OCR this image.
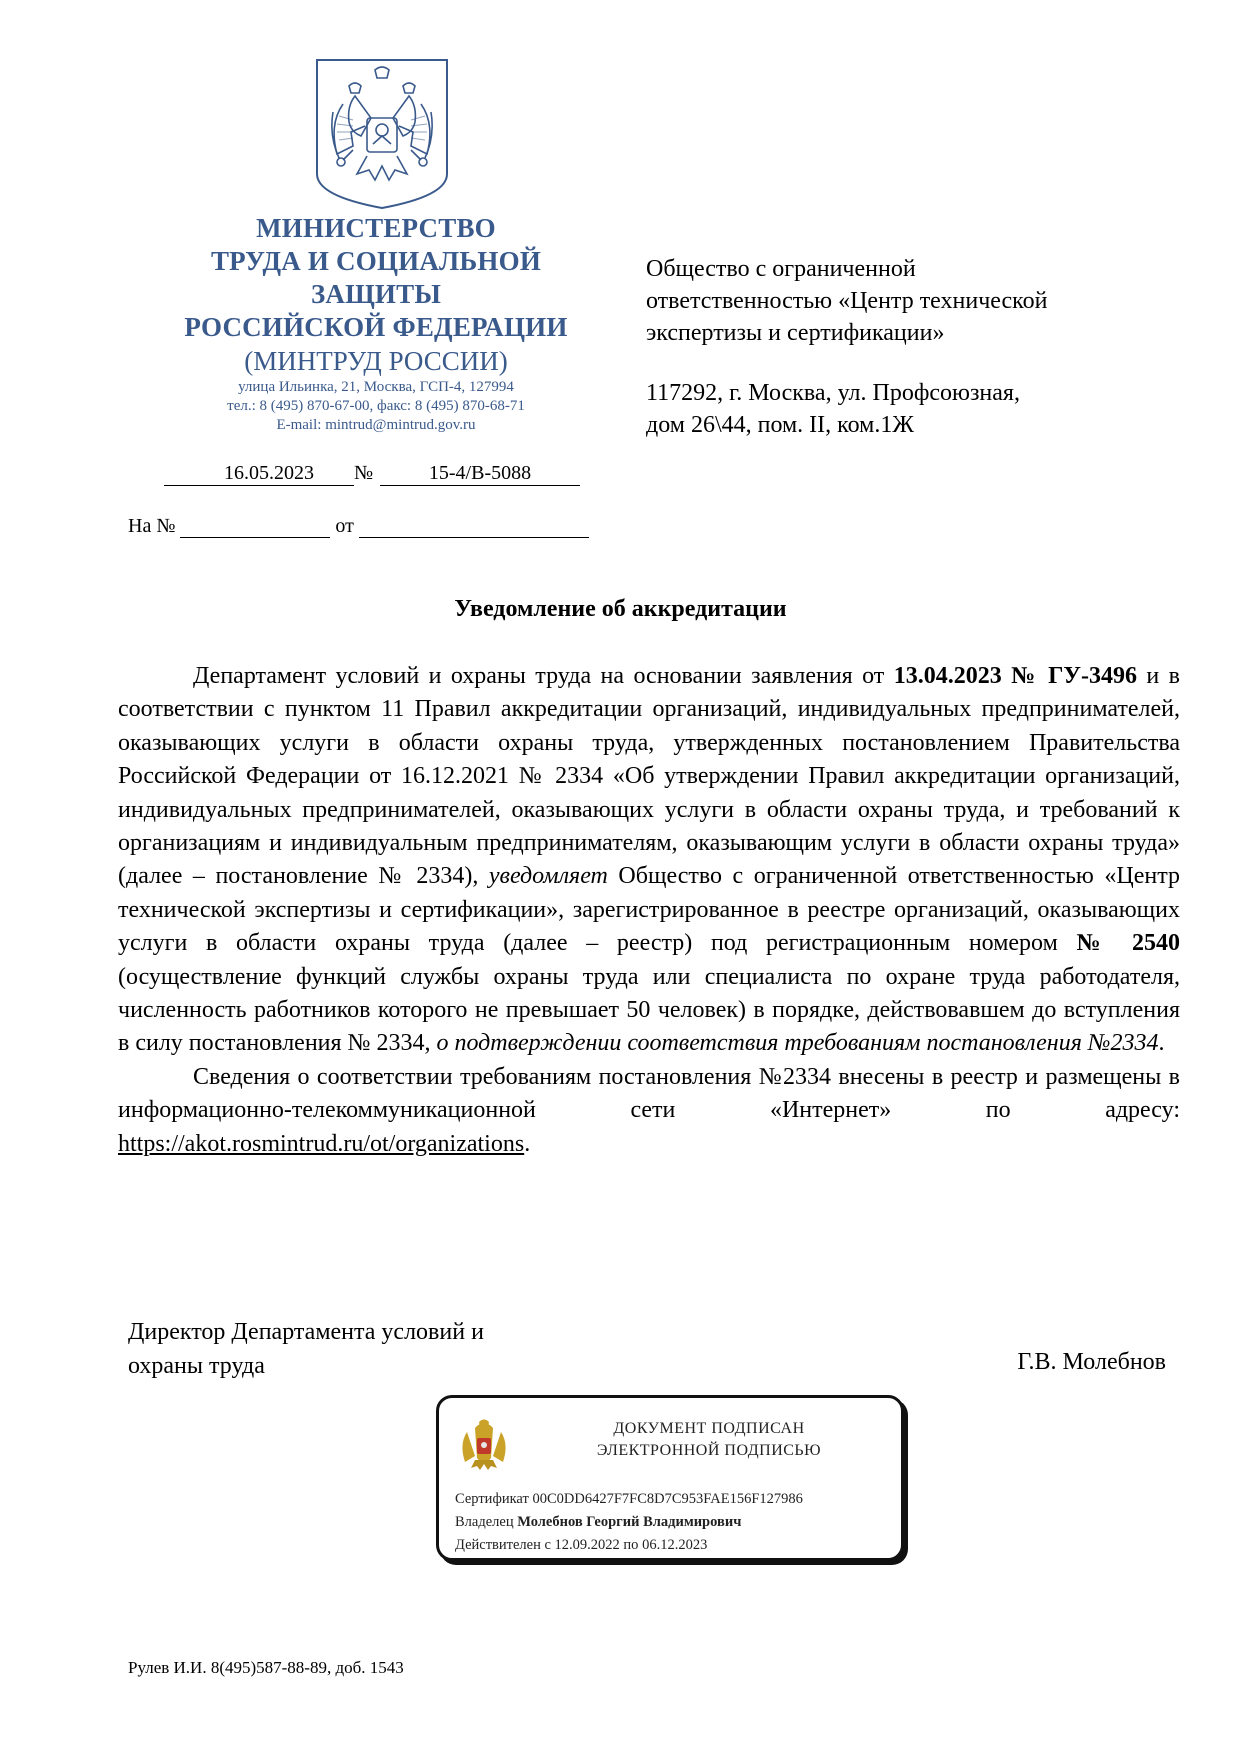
МИНИСТЕРСТВО
ТРУДА И СОЦИАЛЬНОЙ
ЗАЩИТЫ
РОССИЙСКОЙ ФЕДЕРАЦИИ
(МИНТРУД РОССИИ)
улица Ильинка, 21, Москва, ГСП-4, 127994
тел.: 8 (495) 870-67-00, факс: 8 (495) 870-68-71
E-mail: mintrud@mintrud.gov.ru
16.05.2023	№	15-4/В-5088
На №	от
Общество с ограниченной
ответственностью «Центр технической
экспертизы и сертификации»
117292, г. Москва, ул. Профсоюзная,
дом 26\44, пом. II, ком.1Ж
Уведомление об аккредитации

Департамент условий и охраны труда на основании заявления от 13.04.2023 № ГУ-3496 и в соответствии с пунктом 11 Правил аккредитации организаций, индивидуальных предпринимателей, оказывающих услуги в области охраны труда, утвержденных постановлением Правительства Российской Федерации от 16.12.2021 № 2334 «Об утверждении Правил аккредитации организаций, индивидуальных предпринимателей, оказывающих услуги в области охраны труда, и требований к организациям и индивидуальным предпринимателям, оказывающим услуги в области охраны труда» (далее – постановление № 2334), уведомляет Общество с ограниченной ответственностью «Центр технической экспертизы и сертификации», зарегистрированное в реестре организаций, оказывающих услуги в области охраны труда (далее – реестр) под регистрационным номером № 2540 (осуществление функций службы охраны труда или специалиста по охране труда работодателя, численность работников которого не превышает 50 человек) в порядке, действовавшем до вступления в силу постановления № 2334, о подтверждении соответствия требованиям постановления №2334.

Сведения о соответствии требованиям постановления №2334 внесены в реестр и размещены в информационно-телекоммуникационной сети «Интернет» по адресу: https://akot.rosmintrud.ru/ot/organizations.

Директор Департамента условий и
охраны труда	Г.В. Молебнов
ДОКУМЕНТ ПОДПИСАН
ЭЛЕКТРОННОЙ ПОДПИСЬЮ
Сертификат 00C0DD6427F7FC8D7C953FAE156F127986
Владелец Молебнов Георгий Владимирович
Действителен с 12.09.2022 по 06.12.2023
Рулев И.И. 8(495)587-88-89, доб. 1543
